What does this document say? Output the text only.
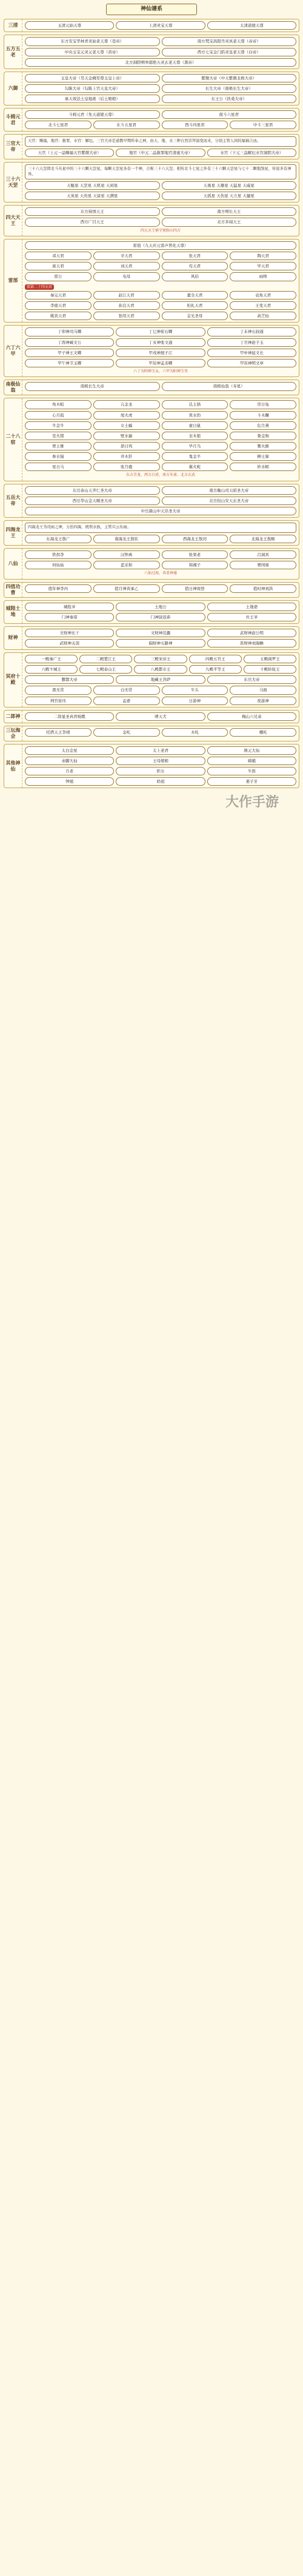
神仙谱系
三清	玉清元始天尊	上清灵宝天尊	太清道德天尊
五方五老
东方安宝华林青灵始老天尊（苍帝）	南方梵宝昌阳丹灵真老天尊（赤帝）
中央玉宝元灵元老天尊（黄帝）	西方七宝金门皓灵皇老天尊（白帝）
北方洞阴朔单郁绝五灵玄老天尊（黑帝）
六御
玉皇大帝（昊天金阙至尊玉皇上帝）	紫微大帝（中天紫微北极大帝）
勾陈大帝（勾陈上宫天皇大帝）	长生大帝（南极长生大帝）
承天效法土皇地祇（后土娘娘）	东王公（扶桑大帝）
斗姆元君
斗姆元君（先天道姥天尊）	南斗六星君
北斗七星君	东斗五星君	西斗四星君	中斗三星君
三官大帝
天官：赐福，地官：赦罪，水官：解厄。三官大帝是道教早期所奉之神，由天、地、水三种自然崇拜演变而来，分别主管人间的福祸吉凶。
天官（上元一品赐福天官紫微大帝）	地官（中元二品赦罪地官清虚大帝）	水官（下元三品解厄水官洞阴大帝）
三十六天罡
三十六天罡即北斗丛星中的三十六颗天罡星，每颗天罡星各有一个神，合称三十六天罡。相传北斗七星之外有三十六颗天罡星与七十二颗地煞星，传说多有神异。
天魁星 天罡星 天机星 天闲星	天勇星 天雄星 天猛星 天威星
天英星 天贵星 天富星 天满星	天孤星 天伤星 天立星 天捷星
四大天王
东方持国天王	南方增长天王
西方广目天王	北方多闻天王
四大天王镇守须弥山四方
雷部
雷祖（九天应元雷声普化天尊）
邓天君	辛天君	张天君	陶天君
庞天君	刘天君	苟天君	毕天君
雷公	电母	风伯	雨师
雷部二十四天君
秦完天君	赵江天君	董全天君	袁角天君
李德天君	孙良天君	柏礼天君	王变天君
姚宾天君	张绍天君	金光圣母	菡芝仙
六丁六甲
丁卯神司马卿	丁巳神崔石卿	丁未神石叔通
丁酉神臧文公	丁亥神张文通	丁丑神赵子玉
甲子神王文卿	甲戌神展子江	甲申神扈文长
甲午神卫玉卿	甲辰神孟非卿	甲寅神明文章
六丁为阴神玉女，六甲为阳神玉男
南极仙翁
南极长生大帝	南极仙翁（寿星）
二十八宿
角木蛟	亢金龙	氐土貉	房日兔
心月狐	尾火虎	箕水豹	斗木獬
牛金牛	女土蝠	虚日鼠	危月燕
室火猪	壁水貐	奎木狼	娄金狗
胃土雉	昴日鸡	毕月乌	觜火猴
参水猿	井木犴	鬼金羊	柳土獐
星日马	张月鹿	翼火蛇	轸水蚓
东方青龙、西方白虎、南方朱雀、北方玄武
五岳大帝
东岳泰山天齐仁圣大帝	南岳衡山司天昭圣大帝
西岳华山金天顺圣大帝	北岳恒山安天玄圣大帝
中岳嵩山中天崇圣大帝
四海龙王
四海龙王为司雨之神，分治四海，统领水族，主管兴云布雨。
东海龙王敖广	南海龙王敖钦	西海龙王敖闰	北海龙王敖顺
八仙
铁拐李	汉钟离	张果老	吕洞宾
何仙姑	蓝采和	韩湘子	曹国舅
八仙过海，各显神通
四值功曹
值年神李丙	值月神黄承乙	值日神周登	值时神刘洪
城隍土地
城隍爷	土地公	土地婆
门神秦琼	门神尉迟恭	灶王爷
财神
文财神比干	文财神范蠡	武财神赵公明
武财神关羽	偏财神五路神	准财神刘海蟾
冥府十殿
一殿秦广王	二殿楚江王	三殿宋帝王	四殿五官王	五殿阎罗王
六殿卞城王	七殿泰山王	八殿都市王	九殿平等王	十殿转轮王
酆都大帝	地藏王菩萨	东岳大帝
黑无常	白无常	牛头	马面
判官崔珏	孟婆	日游神	夜游神
二郎神	二郎显圣真君杨戬	哮天犬	梅山六兄弟
三坛海会
托塔天王李靖	金吒	木吒	哪吒
其他神仙
太白金星	太上老君	镇元大仙
赤脚大仙	王母娘娘	嫦娥
月老	织女	牛郎
钟馗	妈祖	姜子牙
大作手游
